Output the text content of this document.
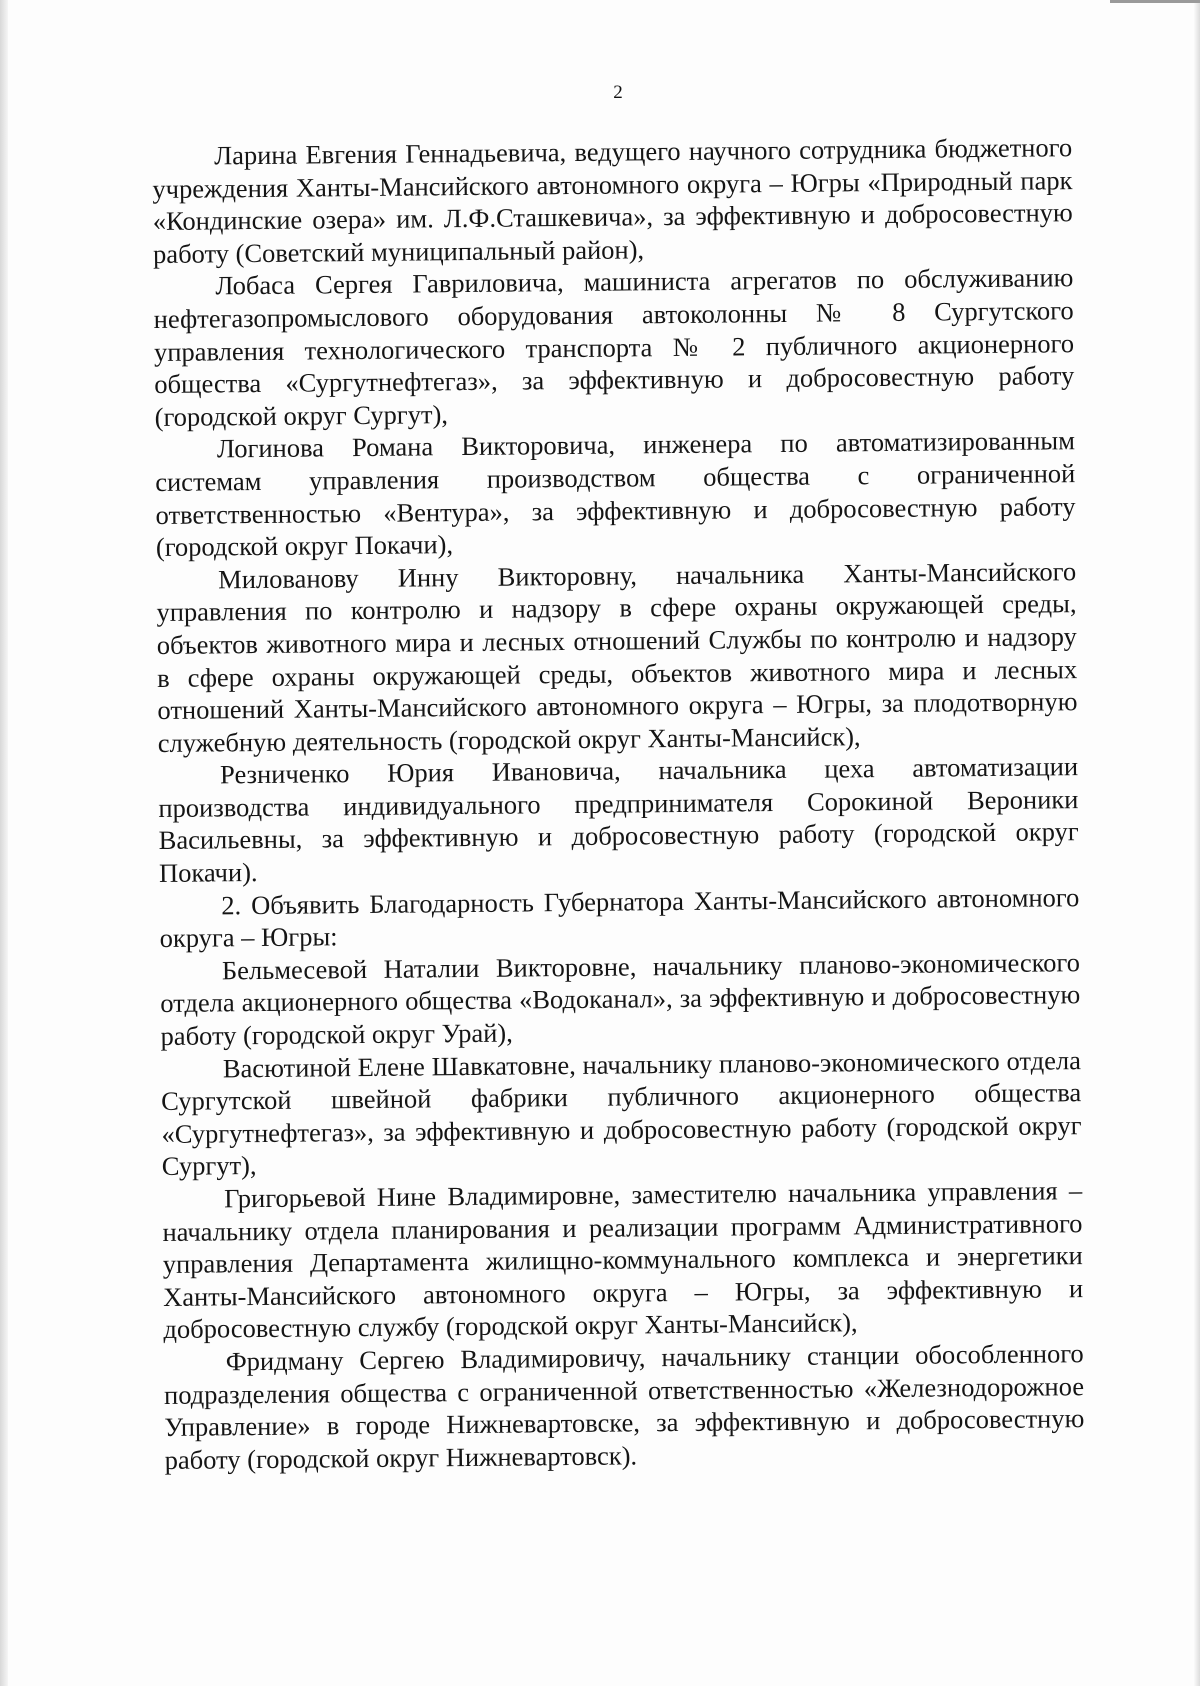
2

Ларина Евгения Геннадьевича, ведущего научного сотрудника бюджетного учреждения Ханты-Мансийского автономного округа – Югры «Природный парк «Кондинские озера» им. Л.Ф.Сташкевича», за эффективную и добросовестную работу (Советский муниципальный район),

Лобаса Сергея Гавриловича, машиниста агрегатов по обслуживанию нефтегазопромыслового оборудования автоколонны № 8 Сургутского управления технологического транспорта № 2 публичного акционерного общества «Сургутнефтегаз», за эффективную и добросовестную работу (городской округ Сургут),

Логинова Романа Викторовича, инженера по автоматизированным системам управления производством общества с ограниченной ответственностью «Вентура», за эффективную и добросовестную работу (городской округ Покачи),

Милованову Инну Викторовну, начальника Ханты-Мансийского управления по контролю и надзору в сфере охраны окружающей среды, объектов животного мира и лесных отношений Службы по контролю и надзору в сфере охраны окружающей среды, объектов животного мира и лесных отношений Ханты-Мансийского автономного округа – Югры, за плодотворную служебную деятельность (городской округ Ханты-Мансийск),

Резниченко Юрия Ивановича, начальника цеха автоматизации производства индивидуального предпринимателя Сорокиной Вероники Васильевны, за эффективную и добросовестную работу (городской округ Покачи).

2. Объявить Благодарность Губернатора Ханты-Мансийского автономного округа – Югры:

Бельмесевой Наталии Викторовне, начальнику планово-экономического отдела акционерного общества «Водоканал», за эффективную и добросовестную работу (городской округ Урай),

Васютиной Елене Шавкатовне, начальнику планово-экономического отдела Сургутской швейной фабрики публичного акционерного общества «Сургутнефтегаз», за эффективную и добросовестную работу (городской округ Сургут),

Григорьевой Нине Владимировне, заместителю начальника управления – начальнику отдела планирования и реализации программ Административного управления Департамента жилищно-коммунального комплекса и энергетики Ханты-Мансийского автономного округа – Югры, за эффективную и добросовестную службу (городской округ Ханты-Мансийск),

Фридману Сергею Владимировичу, начальнику станции обособленного подразделения общества с ограниченной ответственностью «Железнодорожное Управление» в городе Нижневартовске, за эффективную и добросовестную работу (городской округ Нижневартовск).
